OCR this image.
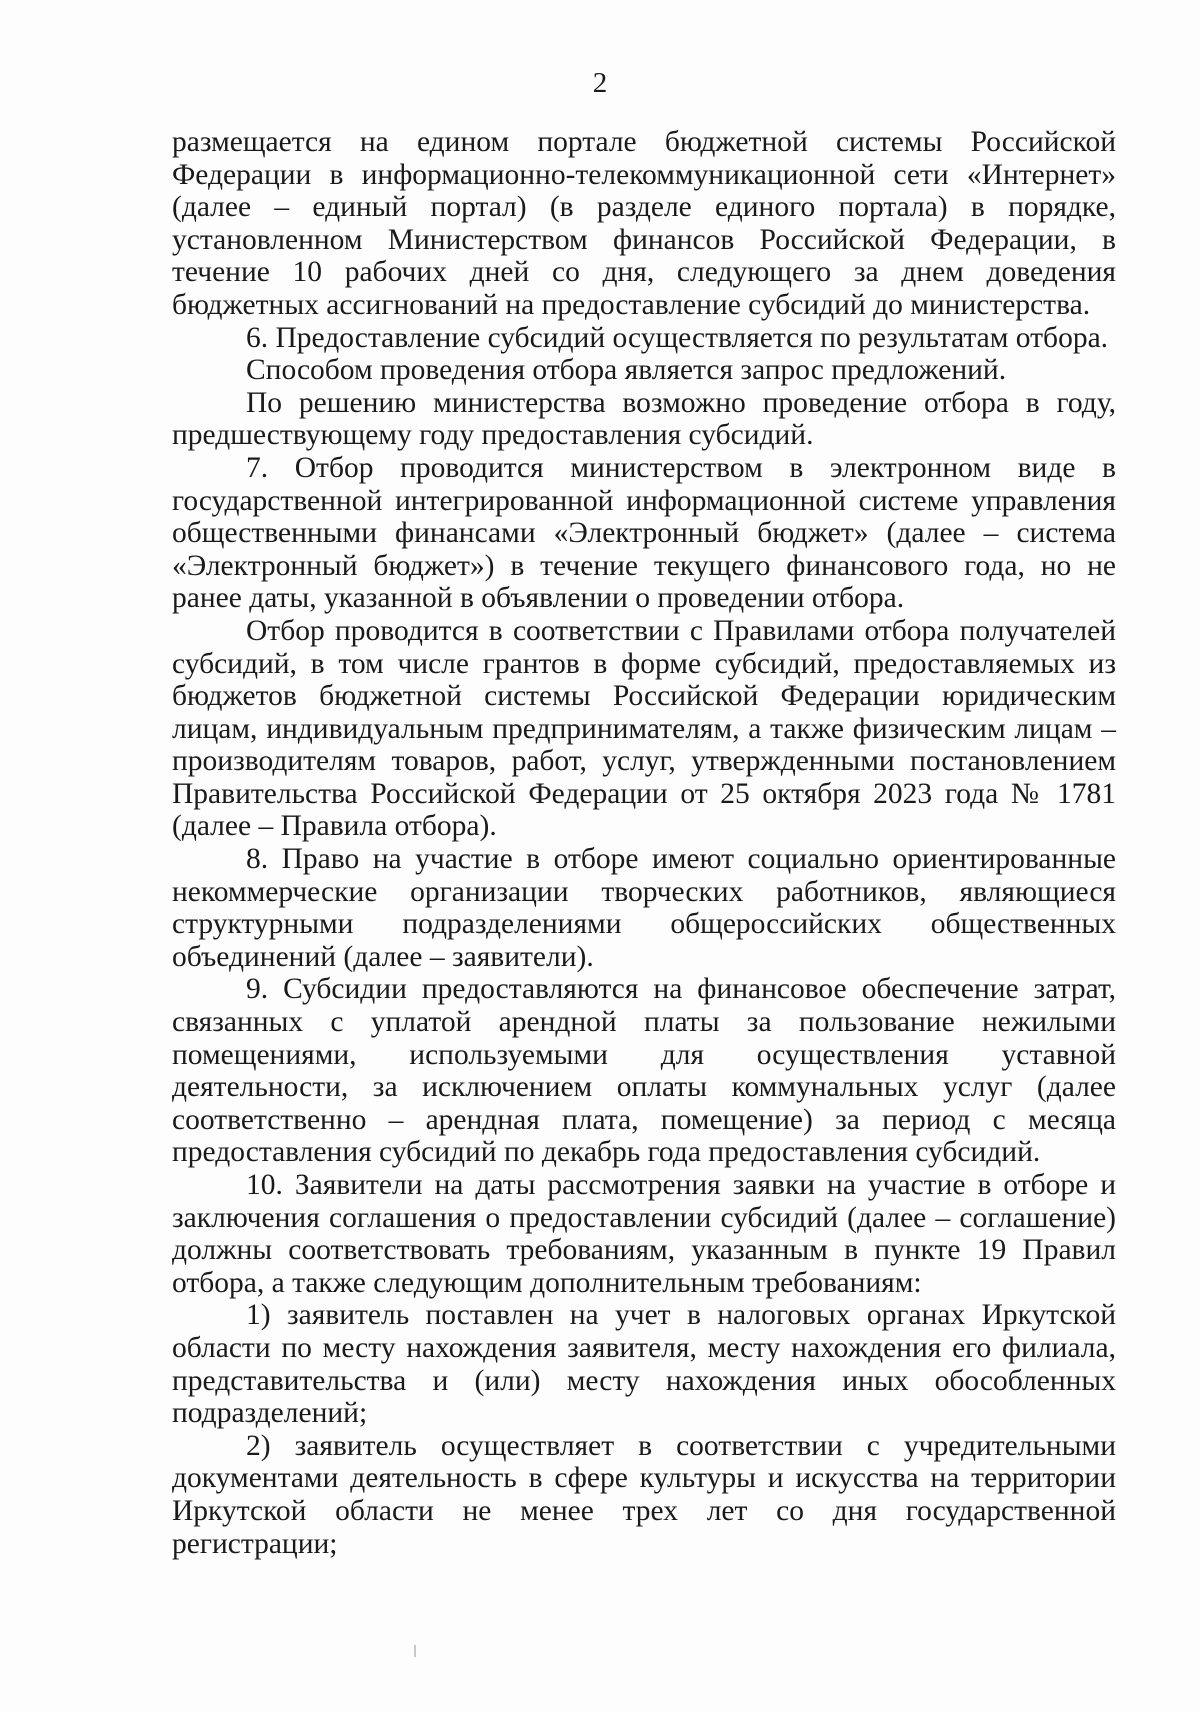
2

размещается на едином портале бюджетной системы Российской Федерации в информационно-телекоммуникационной сети «Интернет» (далее – единый портал) (в разделе единого портала) в порядке, установленном Министерством финансов Российской Федерации, в течение 10 рабочих дней со дня, следующего за днем доведения бюджетных ассигнований на предоставление субсидий до министерства.

6. Предоставление субсидий осуществляется по результатам отбора.

Способом проведения отбора является запрос предложений.

По решению министерства возможно проведение отбора в году, предшествующему году предоставления субсидий.

7. Отбор проводится министерством в электронном виде в государственной интегрированной информационной системе управления общественными финансами «Электронный бюджет» (далее – система «Электронный бюджет») в течение текущего финансового года, но не ранее даты, указанной в объявлении о проведении отбора.

Отбор проводится в соответствии с Правилами отбора получателей субсидий, в том числе грантов в форме субсидий, предоставляемых из бюджетов бюджетной системы Российской Федерации юридическим лицам, индивидуальным предпринимателям, а также физическим лицам – производителям товаров, работ, услуг, утвержденными постановлением Правительства Российской Федерации от 25 октября 2023 года № 1781 (далее – Правила отбора).

8. Право на участие в отборе имеют социально ориентированные некоммерческие организации творческих работников, являющиеся структурными подразделениями общероссийских общественных объединений (далее – заявители).

9. Субсидии предоставляются на финансовое обеспечение затрат, связанных с уплатой арендной платы за пользование нежилыми помещениями, используемыми для осуществления уставной деятельности, за исключением оплаты коммунальных услуг (далее соответственно – арендная плата, помещение) за период с месяца предоставления субсидий по декабрь года предоставления субсидий.

10. Заявители на даты рассмотрения заявки на участие в отборе и заключения соглашения о предоставлении субсидий (далее – соглашение) должны соответствовать требованиям, указанным в пункте 19 Правил отбора, а также следующим дополнительным требованиям:

1) заявитель поставлен на учет в налоговых органах Иркутской области по месту нахождения заявителя, месту нахождения его филиала, представительства и (или) месту нахождения иных обособленных подразделений;

2) заявитель осуществляет в соответствии с учредительными документами деятельность в сфере культуры и искусства на территории Иркутской области не менее трех лет со дня государственной регистрации;
